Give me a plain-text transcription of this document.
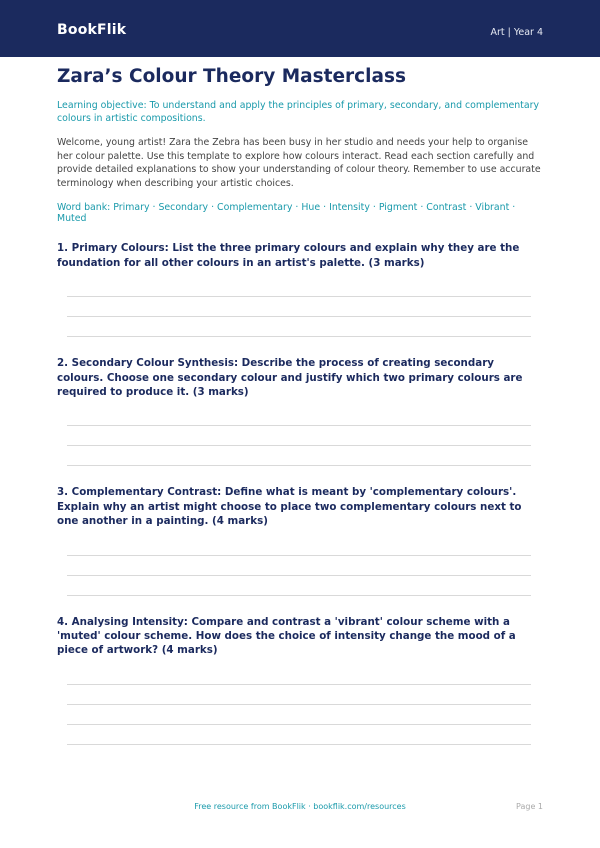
BookFlik	Art | Year 4
Zara’s Colour Theory Masterclass
Learning objective: To understand and apply the principles of primary, secondary, and complementary colours in artistic compositions.
Welcome, young artist! Zara the Zebra has been busy in her studio and needs your help to organise her colour palette. Use this template to explore how colours interact. Read each section carefully and provide detailed explanations to show your understanding of colour theory. Remember to use accurate terminology when describing your artistic choices.
Word bank: Primary · Secondary · Complementary · Hue · Intensity · Pigment · Contrast · Vibrant · Muted
1. Primary Colours: List the three primary colours and explain why they are the foundation for all other colours in an artist's palette. (3 marks)
2. Secondary Colour Synthesis: Describe the process of creating secondary colours. Choose one secondary colour and justify which two primary colours are required to produce it. (3 marks)
3. Complementary Contrast: Define what is meant by 'complementary colours'. Explain why an artist might choose to place two complementary colours next to one another in a painting. (4 marks)
4. Analysing Intensity: Compare and contrast a 'vibrant' colour scheme with a 'muted' colour scheme. How does the choice of intensity change the mood of a piece of artwork? (4 marks)
Free resource from BookFlik · bookflik.com/resources	Page 1
